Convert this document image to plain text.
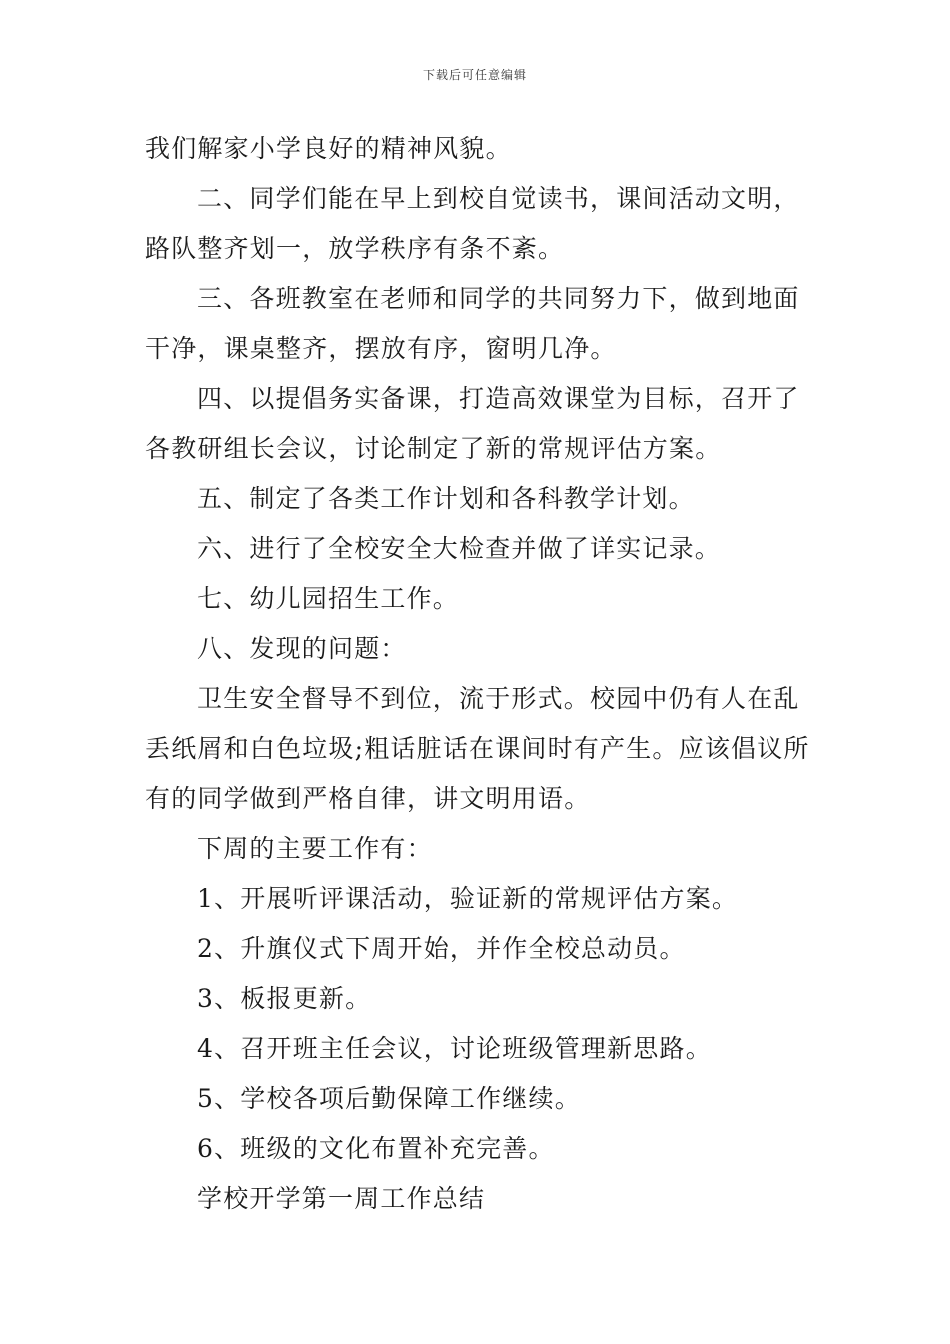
下载后可任意编辑

我们解家小学良好的精神风貌。

二、同学们能在早上到校自觉读书，课间活动文明，路队整齐划一，放学秩序有条不紊。

三、各班教室在老师和同学的共同努力下，做到地面干净，课桌整齐，摆放有序，窗明几净。

四、以提倡务实备课，打造高效课堂为目标，召开了各教研组长会议，讨论制定了新的常规评估方案。

五、制定了各类工作计划和各科教学计划。

六、进行了全校安全大检查并做了详实记录。

七、幼儿园招生工作。

八、发现的问题：

卫生安全督导不到位，流于形式。校园中仍有人在乱丢纸屑和白色垃圾;粗话脏话在课间时有产生。应该倡议所有的同学做到严格自律，讲文明用语。

下周的主要工作有：

1、开展听评课活动，验证新的常规评估方案。

2、升旗仪式下周开始，并作全校总动员。

3、板报更新。

4、召开班主任会议，讨论班级管理新思路。

5、学校各项后勤保障工作继续。

6、班级的文化布置补充完善。

学校开学第一周工作总结
